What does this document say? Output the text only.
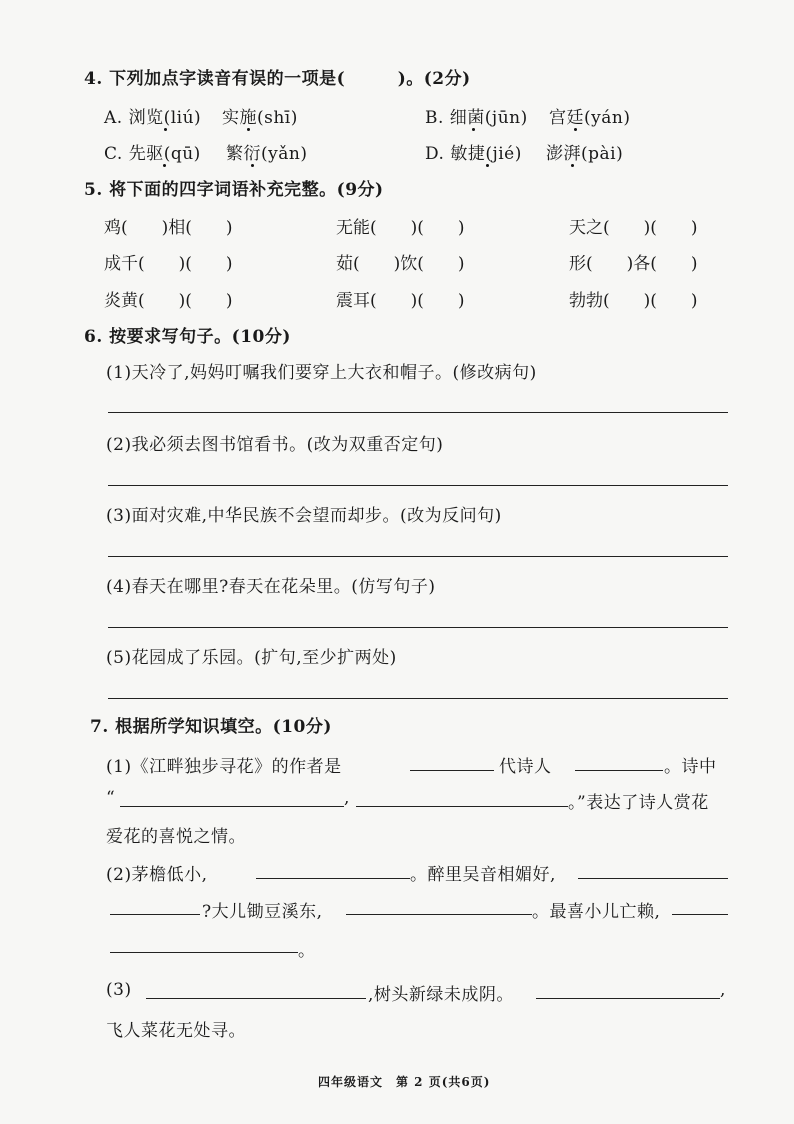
4. 下列加点字读音有误的一项是(　　　)。(2分)
A. 浏览(liú) 实施(shī)	B. 细菌(jūn) 宫廷(yán)
C. 先驱(qū) 繁衍(yǎn)	D. 敏捷(jié) 澎湃(pài)
5. 将下面的四字词语补充完整。(9分)
鸡(　　)相(　　)	无能(　　)(　　)	天之(　　)(　　)
成千(　　)(　　)	茹(　　)饮(　　)	形(　　)各(　　)
炎黄(　　)(　　)	震耳(　　)(　　)	勃勃(　　)(　　)
6. 按要求写句子。(10分)
(1)天冷了,妈妈叮嘱我们要穿上大衣和帽子。(修改病句)
(2)我必须去图书馆看书。(改为双重否定句)
(3)面对灾难,中华民族不会望而却步。(改为反问句)
(4)春天在哪里?春天在花朵里。(仿写句子)
(5)花园成了乐园。(扩句,至少扩两处)
7. 根据所学知识填空。(10分)
(1)《江畔独步寻花》的作者是	代诗人	。诗中
“	,	。”表达了诗人赏花
爱花的喜悦之情。
(2)茅檐低小,	。醉里吴音相媚好,
?大儿锄豆溪东,	。最喜小儿亡赖,
。
(3)	,树头新绿未成阴。	,
飞人菜花无处寻。
四年级语文　第 2 页(共6页)
